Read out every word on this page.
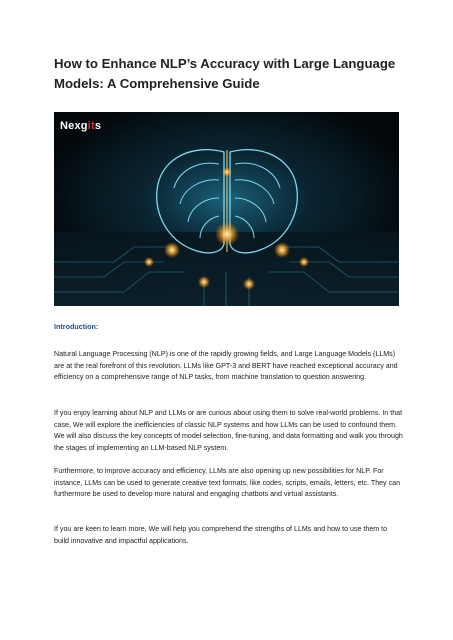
How to Enhance NLP’s Accuracy with Large Language Models: A Comprehensive Guide
Nexgits
Introduction:

Natural Language Processing (NLP) is one of the rapidly growing fields, and Large Language Models (LLMs) are at the real forefront of this revolution. LLMs like GPT-3 and BERT have reached exceptional accuracy and efficiency on a comprehensive range of NLP tasks, from machine translation to question answering.

If you enjoy learning about NLP and LLMs or are curious about using them to solve real-world problems. In that case, We will explore the inefficiencies of classic NLP systems and how LLMs can be used to confound them. We will also discuss the key concepts of model selection, fine-tuning, and data formatting and walk you through the stages of implementing an LLM-based NLP system.

Furthermore, to improve accuracy and efficiency, LLMs are also opening up new possibilities for NLP. For instance, LLMs can be used to generate creative text formats, like codes, scripts, emails, letters, etc. They can furthermore be used to develop more natural and engaging chatbots and virtual assistants.

If you are keen to learn more, We will help you comprehend the strengths of LLMs and how to use them to build innovative and impactful applications.
